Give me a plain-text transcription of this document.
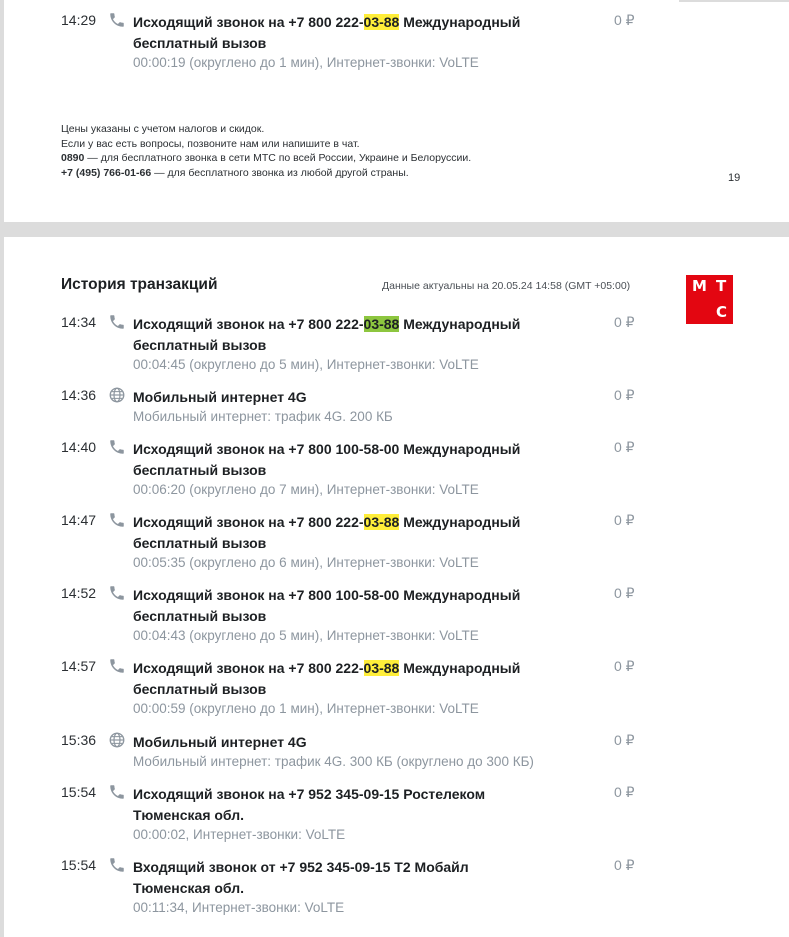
14:29	Исходящий звонок на +7 800 222-03-88 Международный бесплатный вызов
00:00:19 (округлено до 1 мин), Интернет-звонки: VoLTE
0 ₽
Цены указаны с учетом налогов и скидок.
Если у вас есть вопросы, позвоните нам или напишите в чат.
0890 — для бесплатного звонка в сети МТС по всей России, Украине и Белоруссии.
+7 (495) 766-01-66 — для бесплатного звонка из любой другой страны.	19
История транзакций	Данные актуальны на 20.05.24 14:58 (GMT +05:00)	М Т
С
14:34	Исходящий звонок на +7 800 222-03-88 Международный бесплатный вызов
00:04:45 (округлено до 5 мин), Интернет-звонки: VoLTE
0 ₽
14:36	Мобильный интернет 4G
Мобильный интернет: трафик 4G. 200 КБ
0 ₽
14:40	Исходящий звонок на +7 800 100-58-00 Международный бесплатный вызов
00:06:20 (округлено до 7 мин), Интернет-звонки: VoLTE
0 ₽
14:47	Исходящий звонок на +7 800 222-03-88 Международный бесплатный вызов
00:05:35 (округлено до 6 мин), Интернет-звонки: VoLTE
0 ₽
14:52	Исходящий звонок на +7 800 100-58-00 Международный бесплатный вызов
00:04:43 (округлено до 5 мин), Интернет-звонки: VoLTE
0 ₽
14:57	Исходящий звонок на +7 800 222-03-88 Международный бесплатный вызов
00:00:59 (округлено до 1 мин), Интернет-звонки: VoLTE
0 ₽
15:36	Мобильный интернет 4G
Мобильный интернет: трафик 4G. 300 КБ (округлено до 300 КБ)
0 ₽
15:54	Исходящий звонок на +7 952 345-09-15 Ростелеком Тюменская обл.
00:00:02, Интернет-звонки: VoLTE
0 ₽
15:54	Входящий звонок от +7 952 345-09-15 Т2 Мобайл Тюменская обл.
00:11:34, Интернет-звонки: VoLTE
0 ₽
